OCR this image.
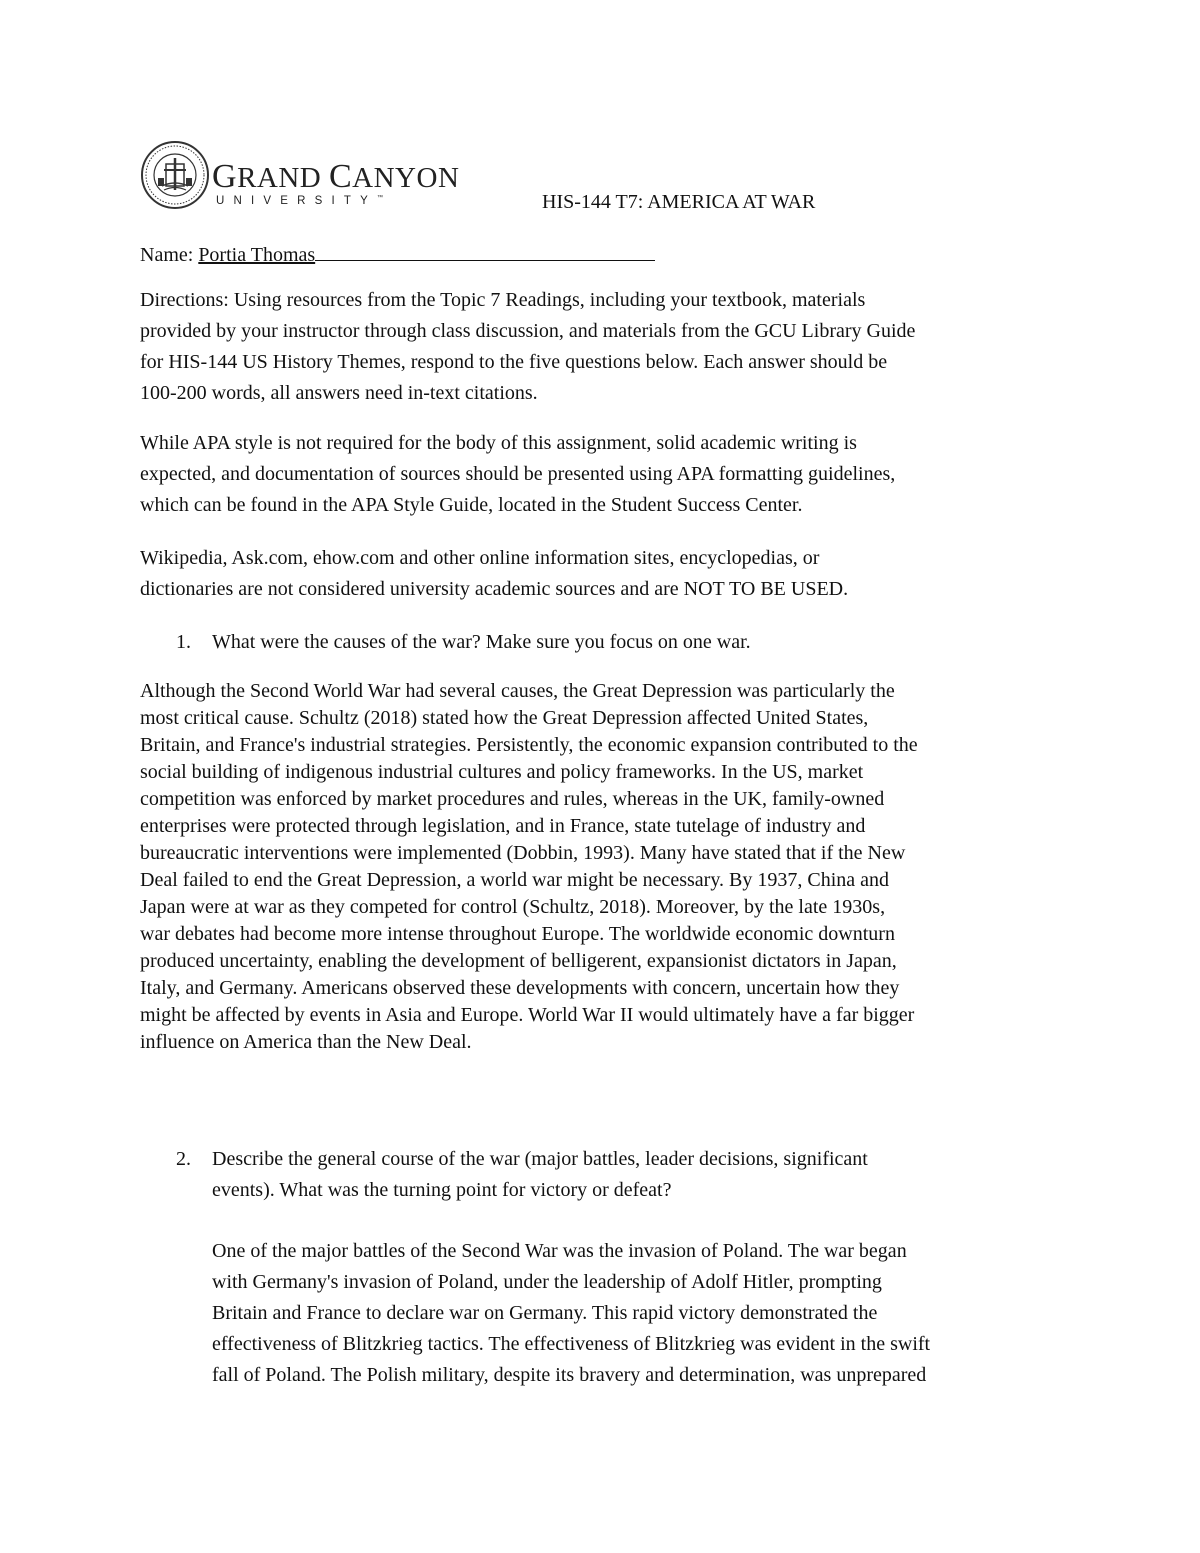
GRAND CANYON
UNIVERSITY™	HIS-144 T7: AMERICA AT WAR
Name: Portia Thomas

Directions: Using resources from the Topic 7 Readings, including your textbook, materials
provided by your instructor through class discussion, and materials from the GCU Library Guide
for HIS-144 US History Themes, respond to the five questions below. Each answer should be
100-200 words, all answers need in-text citations.

While APA style is not required for the body of this assignment, solid academic writing is
expected, and documentation of sources should be presented using APA formatting guidelines,
which can be found in the APA Style Guide, located in the Student Success Center.

Wikipedia, Ask.com, ehow.com and other online information sites, encyclopedias, or
dictionaries are not considered university academic sources and are NOT TO BE USED.

1. What were the causes of the war? Make sure you focus on one war.

Although the Second World War had several causes, the Great Depression was particularly the
most critical cause. Schultz (2018) stated how the Great Depression affected United States,
Britain, and France's industrial strategies. Persistently, the economic expansion contributed to the
social building of indigenous industrial cultures and policy frameworks. In the US, market
competition was enforced by market procedures and rules, whereas in the UK, family-owned
enterprises were protected through legislation, and in France, state tutelage of industry and
bureaucratic interventions were implemented (Dobbin, 1993). Many have stated that if the New
Deal failed to end the Great Depression, a world war might be necessary. By 1937, China and
Japan were at war as they competed for control (Schultz, 2018). Moreover, by the late 1930s,
war debates had become more intense throughout Europe. The worldwide economic downturn
produced uncertainty, enabling the development of belligerent, expansionist dictators in Japan,
Italy, and Germany. Americans observed these developments with concern, uncertain how they
might be affected by events in Asia and Europe. World War II would ultimately have a far bigger
influence on America than the New Deal.

2. Describe the general course of the war (major battles, leader decisions, significant
events). What was the turning point for victory or defeat?
One of the major battles of the Second War was the invasion of Poland. The war began
with Germany's invasion of Poland, under the leadership of Adolf Hitler, prompting
Britain and France to declare war on Germany. This rapid victory demonstrated the
effectiveness of Blitzkrieg tactics. The effectiveness of Blitzkrieg was evident in the swift
fall of Poland. The Polish military, despite its bravery and determination, was unprepared
